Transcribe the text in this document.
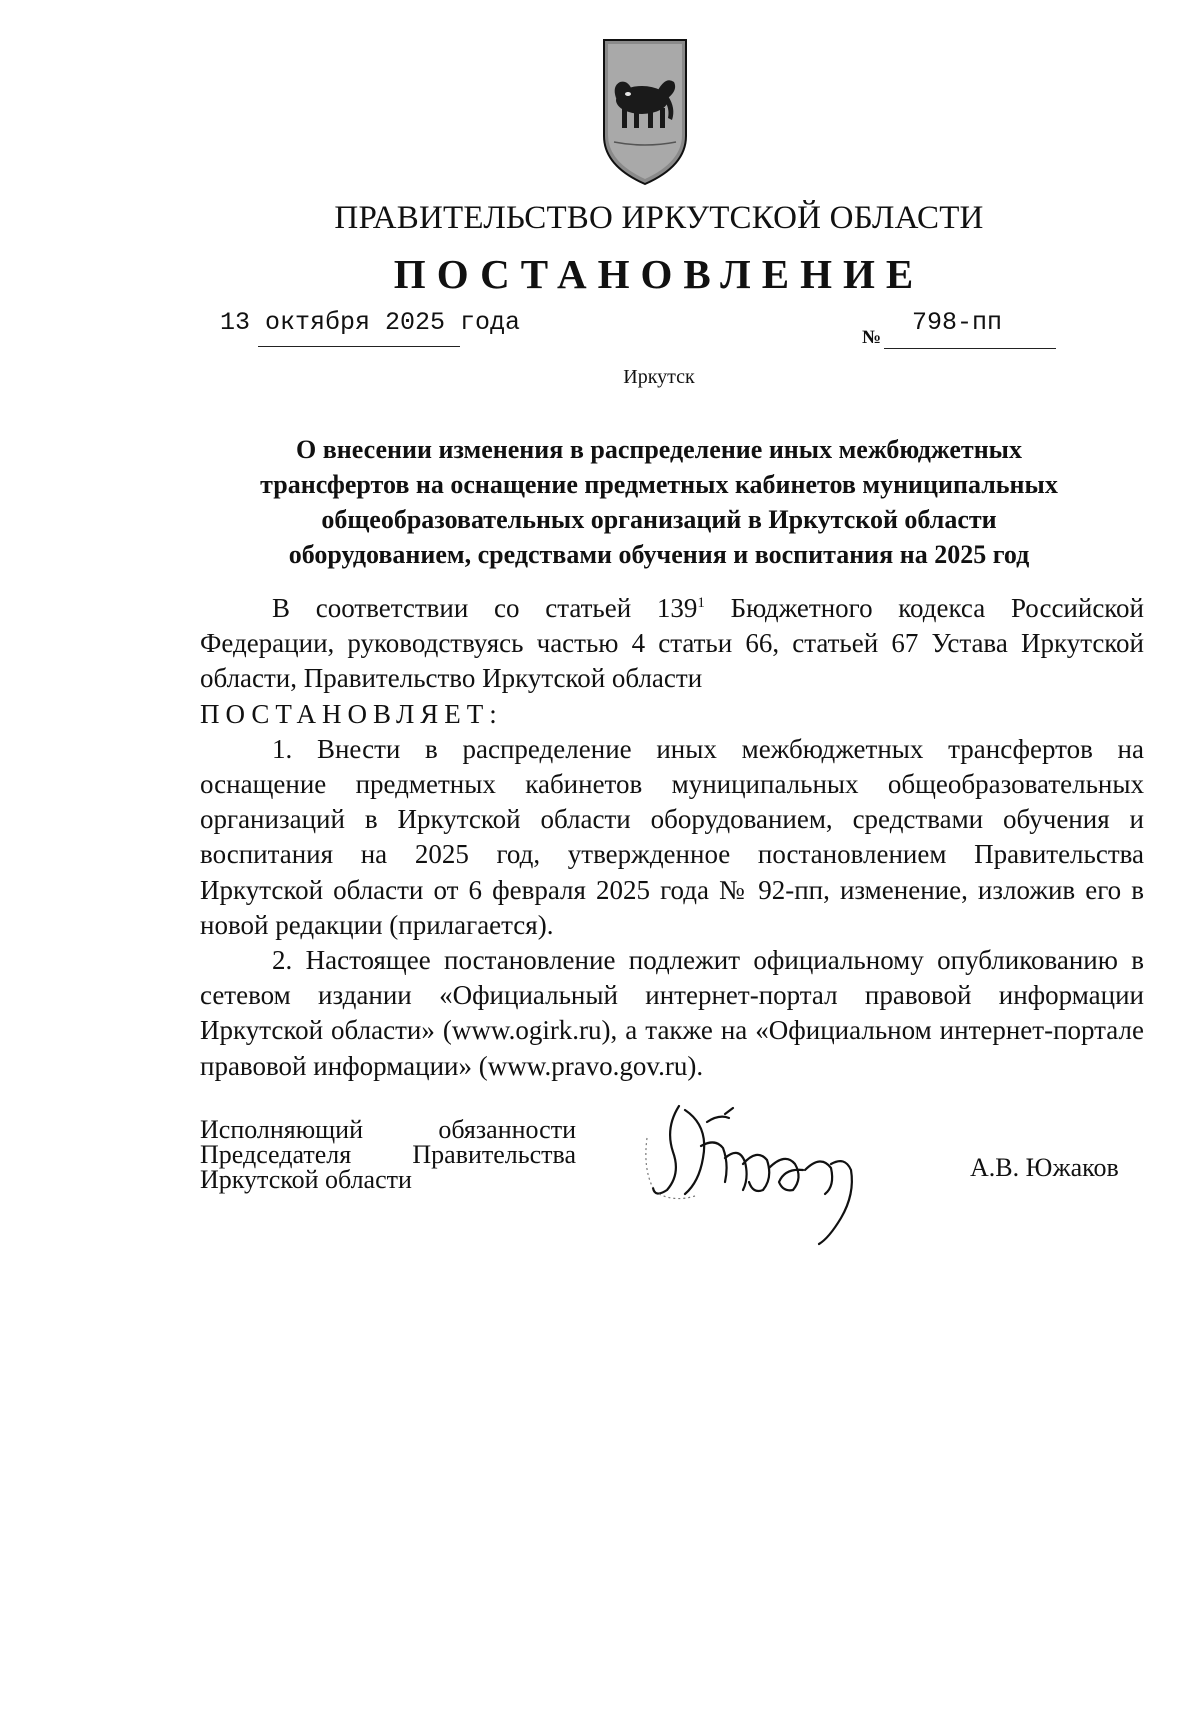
ПРАВИТЕЛЬСТВО ИРКУТСКОЙ ОБЛАСТИ
ПОСТАНОВЛЕНИЕ
13 октября 2025 года
№
798-пп
Иркутск
О внесении изменения в распределение иных межбюджетных
трансфертов на оснащение предметных кабинетов муниципальных
общеобразовательных организаций в Иркутской области
оборудованием, средствами обучения и воспитания на 2025 год

В соответствии со статьей $139^1$ Бюджетного кодекса Российской Федерации, руководствуясь частью 4 статьи 66, статьей 67 Устава Иркутской области, Правительство Иркутской области

ПОСТАНОВЛЯЕТ:

1. Внести в распределение иных межбюджетных трансфертов на оснащение предметных кабинетов муниципальных общеобразовательных организаций в Иркутской области оборудованием, средствами обучения и воспитания на 2025 год, утвержденное постановлением Правительства Иркутской области от 6 февраля 2025 года № 92-пп, изменение, изложив его в новой редакции (прилагается).

2. Настоящее постановление подлежит официальному опубликованию в сетевом издании «Официальный интернет-портал правовой информации Иркутской области» (www.ogirk.ru), а также на «Официальном интернет-портале правовой информации» (www.pravo.gov.ru).

Исполняющий	обязанности
Председателя Правительства
Иркутской области	А.В. Южаков
